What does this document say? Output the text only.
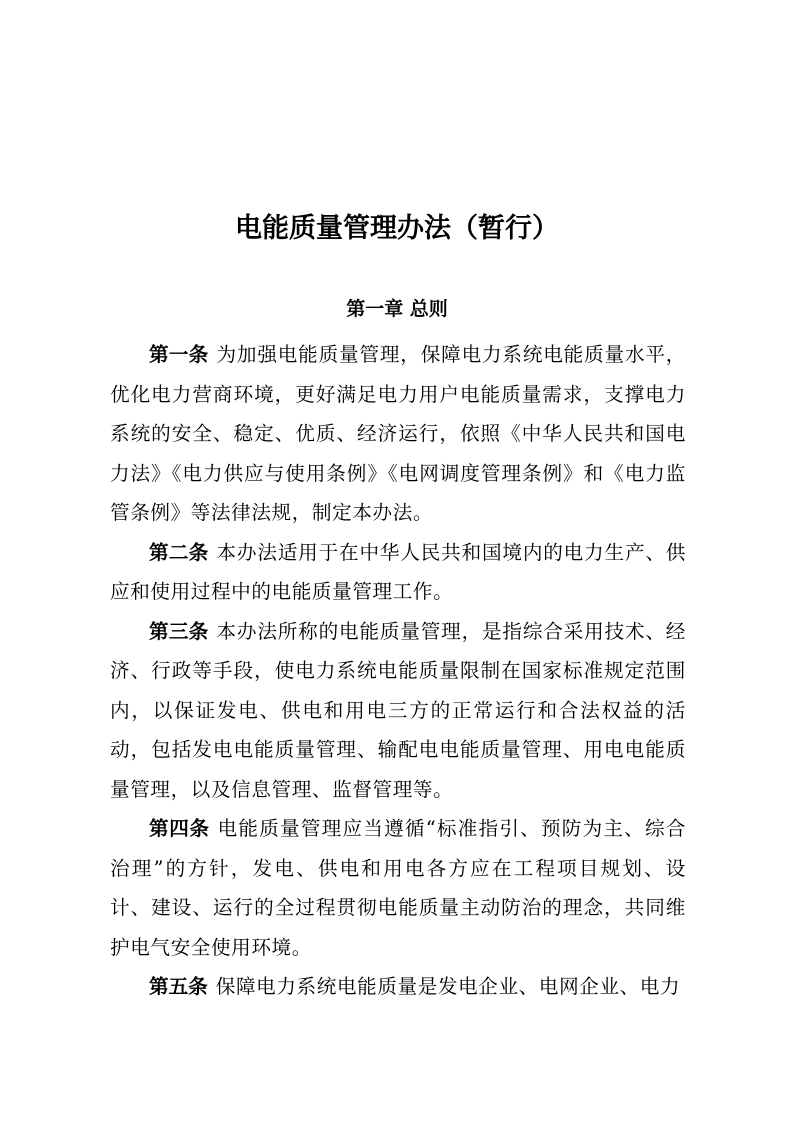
电能质量管理办法（暂行）
第一章 总则

第一条 为加强电能质量管理，保障电力系统电能质量水平，优化电力营商环境，更好满足电力用户电能质量需求，支撑电力系统的安全、稳定、优质、经济运行，依照《中华人民共和国电力法》《电力供应与使用条例》《电网调度管理条例》和《电力监管条例》等法律法规，制定本办法。

第二条 本办法适用于在中华人民共和国境内的电力生产、供应和使用过程中的电能质量管理工作。

第三条 本办法所称的电能质量管理，是指综合采用技术、经济、行政等手段，使电力系统电能质量限制在国家标准规定范围内，以保证发电、供电和用电三方的正常运行和合法权益的活动，包括发电电能质量管理、输配电电能质量管理、用电电能质量管理，以及信息管理、监督管理等。

第四条 电能质量管理应当遵循“标准指引、预防为主、综合治理”的方针，发电、供电和用电各方应在工程项目规划、设计、建设、运行的全过程贯彻电能质量主动防治的理念，共同维护电气安全使用环境。

第五条 保障电力系统电能质量是发电企业、电网企业、电力
